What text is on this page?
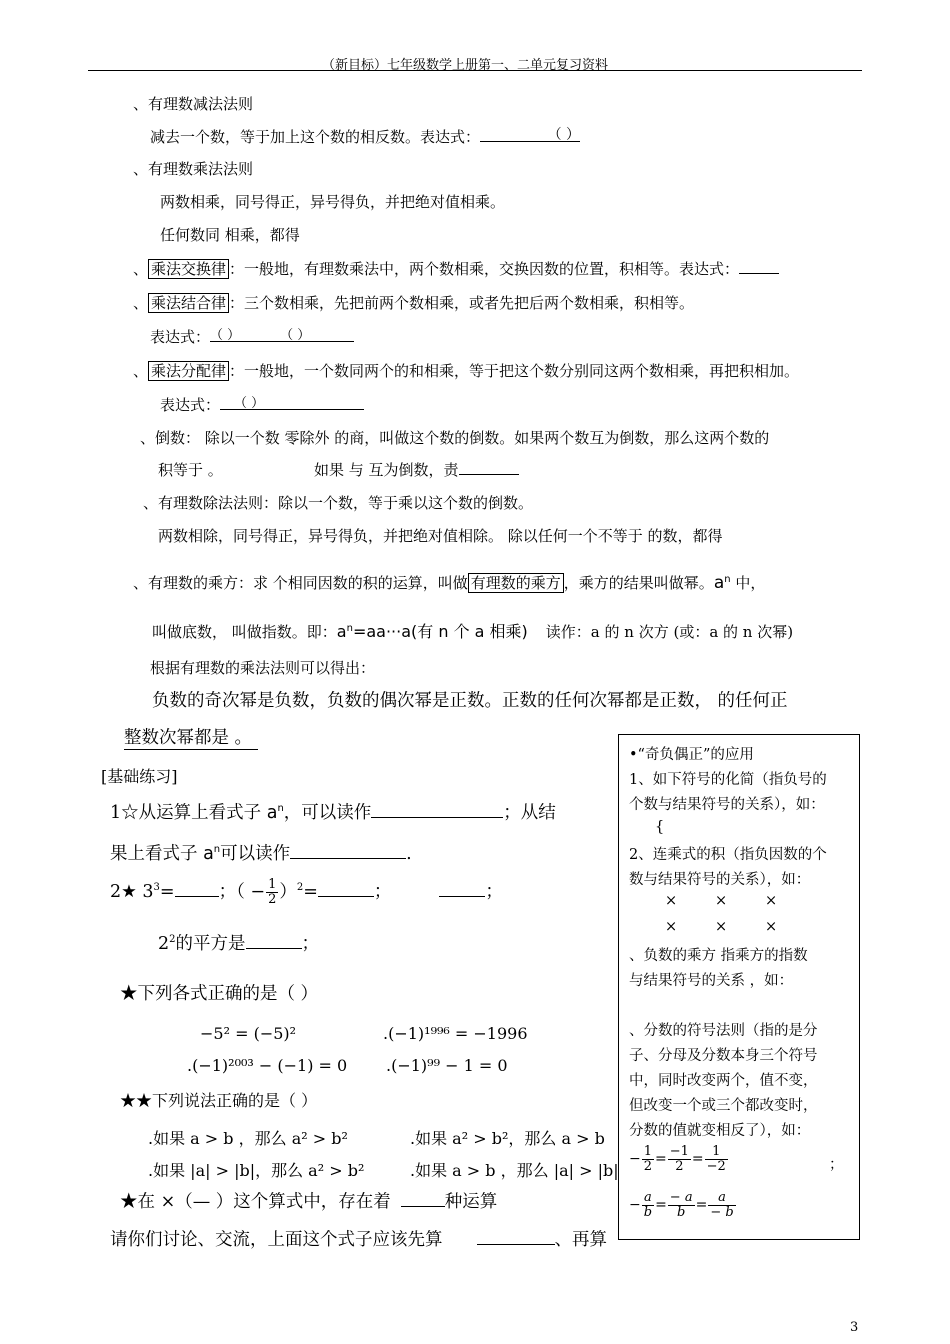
（新目标）七年级数学上册第一、二单元复习资料
、有理数减法法则
减去一个数，等于加上这个数的相反数。表达式：	（ ）
、有理数乘法法则
两数相乘，同号得正，异号得负，并把绝对值相乘。
任何数同 相乘，都得
、 乘法交换律 ：一般地，有理数乘法中，两个数相乘，交换因数的位置，积相等。表达式：
、 乘法结合律 ：三个数相乘，先把前两个数相乘，或者先把后两个数相乘，积相等。
表达式：（ ）	（ ）
、 乘法分配律 ：一般地，一个数同两个的和相乘，等于把这个数分别同这两个数相乘，再把积相加。
表达式： （ ）
、倒数： 除以一个数 零除外 的商，叫做这个数的倒数。如果两个数互为倒数，那么这两个数的
积等于 。	如果 与 互为倒数，责
、有理数除法法则：除以一个数，等于乘以这个数的倒数。
两数相除，同号得正，异号得负，并把绝对值相除。 除以任何一个不等于 的数，都得
、有理数的乘方：求 个相同因数的积的运算，叫做 有理数的乘方 ，乘方的结果叫做幂。$a^n$ 中，
叫做底数， 叫做指数。即：$a^n=aa\cdot\cdot\cdot a$(有 n 个 a 相乘) 读作：a 的 n 次方 (或：a 的 n 次幂)
根据有理数的乘法法则可以得出：
负数的奇次幂是负数，负数的偶次幂是正数。正数的任何次幂都是正数， 的任何正
整数次幂都是 。
[基础练习]
1☆从运算上看式子 $a^n$，可以读作	；从结
果上看式子 $a^n$可以读作	.
2★ $3^3=$	；（ − $\frac{1}{2} )^2=$	；	；
$2^2$的平方是	；
★下列各式正确的是（ ）
−5² = (−5)²	.(−1)¹⁹⁹⁶ = −1996
.(−1)²⁰⁰³ − (−1) = 0 .(−1)⁹⁹ − 1 = 0
★★下列说法正确的是（ ）
.如果 a > b ，那么 a² > b²	.如果 a² > b²，那么 a > b
.如果 |a| > |b|，那么 a² > b²	.如果 a > b ，那么 |a| > |b|
★在 ×（— ）这个算式中，存在着	种运算
请你们讨论、交流，上面这个式子应该先算	、再算
•“奇负偶正”的应用
1、如下符号的化简（指负号的
个数与结果符号的关系），如：
{
2、连乘式的积（指负因数的个
数与结果符号的关系），如：
×	×	×
×	×	×
、负数的乘方 指乘方的指数
与结果符号的关系 ，如：
、分数的符号法则（指的是分
子、分母及分数本身三个符号
中，同时改变两个，值不变，
但改变一个或三个都改变时，
分数的值就变相反了），如：
− $\frac{1}{2} = \frac{-1}{2} = \frac{1}{-2}$	；
− $\frac{a}{b} = \frac{- a}{b} = \frac{a}{- b}$
3
